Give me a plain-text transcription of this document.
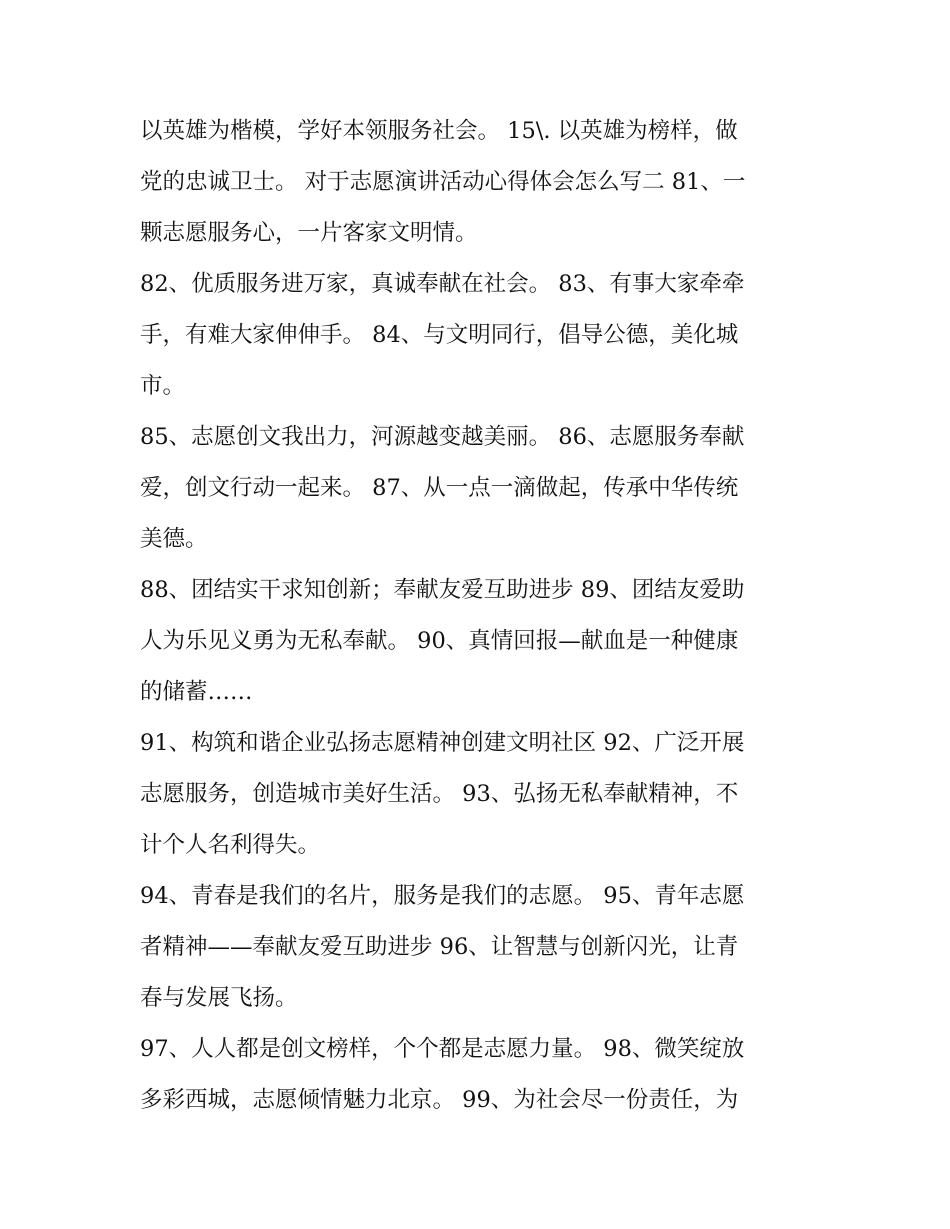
以英雄为楷模，学好本领服务社会。 15\. 以英雄为榜样，做
党的忠诚卫士。 对于志愿演讲活动心得体会怎么写二 81、一
颗志愿服务心，一片客家文明情。
82、优质服务进万家，真诚奉献在社会。 83、有事大家牵牵
手，有难大家伸伸手。 84、与文明同行，倡导公德，美化城
市。
85、志愿创文我出力，河源越变越美丽。 86、志愿服务奉献
爱，创文行动一起来。 87、从一点一滴做起，传承中华传统
美德。
88、团结实干求知创新；奉献友爱互助进步 89、团结友爱助
人为乐见义勇为无私奉献。 90、真情回报—献血是一种健康
的储蓄……
91、构筑和谐企业弘扬志愿精神创建文明社区 92、广泛开展
志愿服务，创造城市美好生活。 93、弘扬无私奉献精神，不
计个人名利得失。
94、青春是我们的名片，服务是我们的志愿。 95、青年志愿
者精神——奉献友爱互助进步 96、让智慧与创新闪光，让青
春与发展飞扬。
97、人人都是创文榜样，个个都是志愿力量。 98、微笑绽放
多彩西城，志愿倾情魅力北京。 99、为社会尽一份责任，为
